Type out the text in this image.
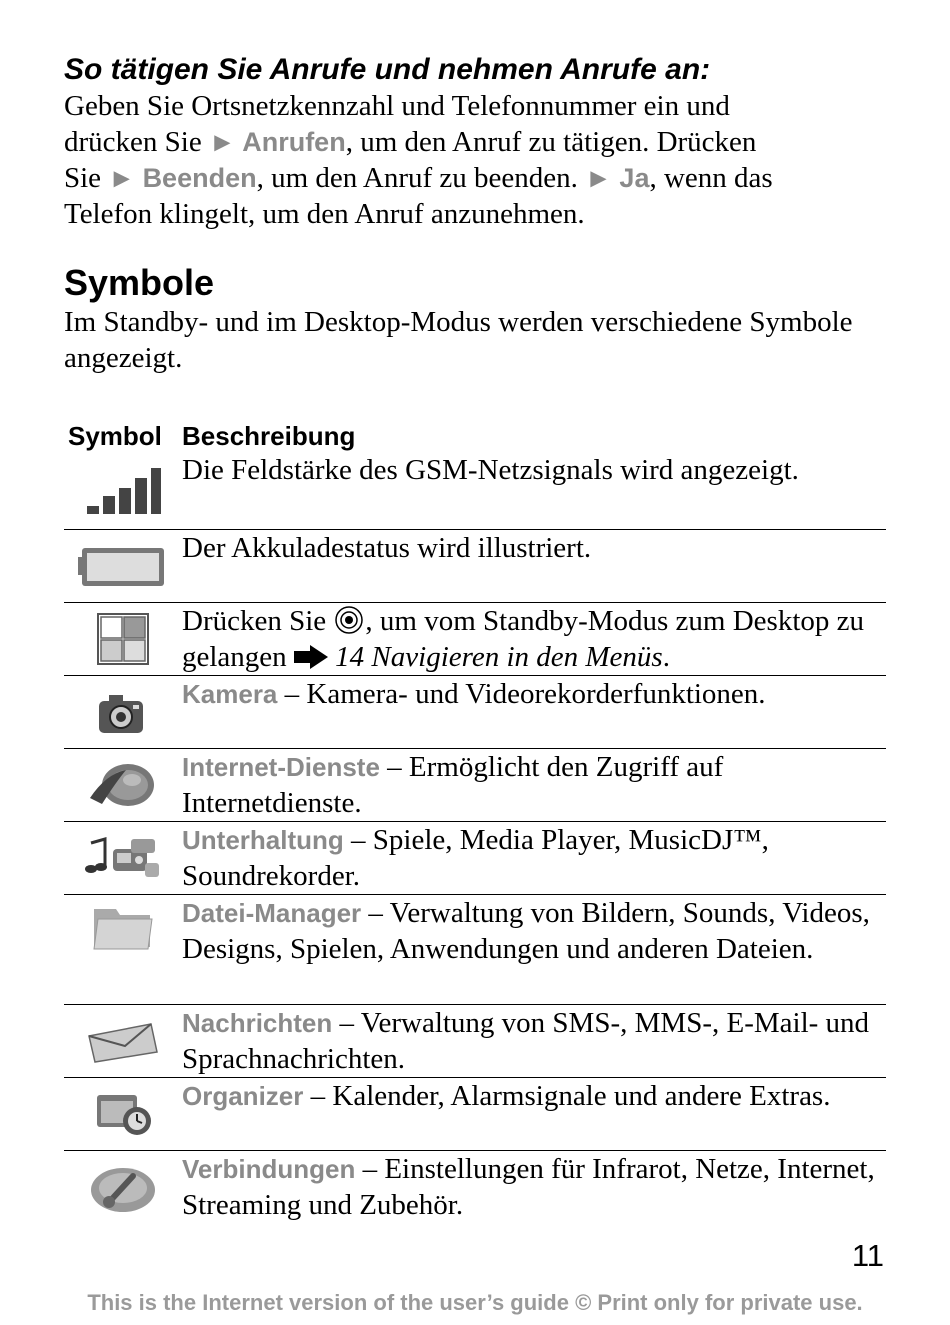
So tätigen Sie Anrufe und nehmen Anrufe an:
Geben Sie Ortsnetzkennzahl und Telefonnummer ein und
drücken Sie ► Anrufen, um den Anruf zu tätigen. Drücken
Sie ► Beenden, um den Anruf zu beenden. ► Ja, wenn das
Telefon klingelt, um den Anruf anzunehmen.
Symbole
Im Standby- und im Desktop-Modus werden verschiedene Symbole angezeigt.
Symbol Beschreibung
Die Feldstärke des GSM-Netzsignals wird angezeigt.
Der Akkuladestatus wird illustriert.
Drücken Sie , um vom Standby-Modus zum Desktop zu gelangen  14 Navigieren in den Menüs.
Kamera – Kamera- und Videorekorderfunktionen.
Internet-Dienste – Ermöglicht den Zugriff auf Internetdienste.
Unterhaltung – Spiele, Media Player, MusicDJ™, Soundrekorder.
Datei-Manager – Verwaltung von Bildern, Sounds, Videos, Designs, Spielen, Anwendungen und anderen Dateien.
Nachrichten – Verwaltung von SMS-, MMS-, E-Mail- und Sprachnachrichten.
Organizer – Kalender, Alarmsignale und andere Extras.
Verbindungen – Einstellungen für Infrarot, Netze, Internet, Streaming und Zubehör.
11
This is the Internet version of the user’s guide © Print only for private use.
